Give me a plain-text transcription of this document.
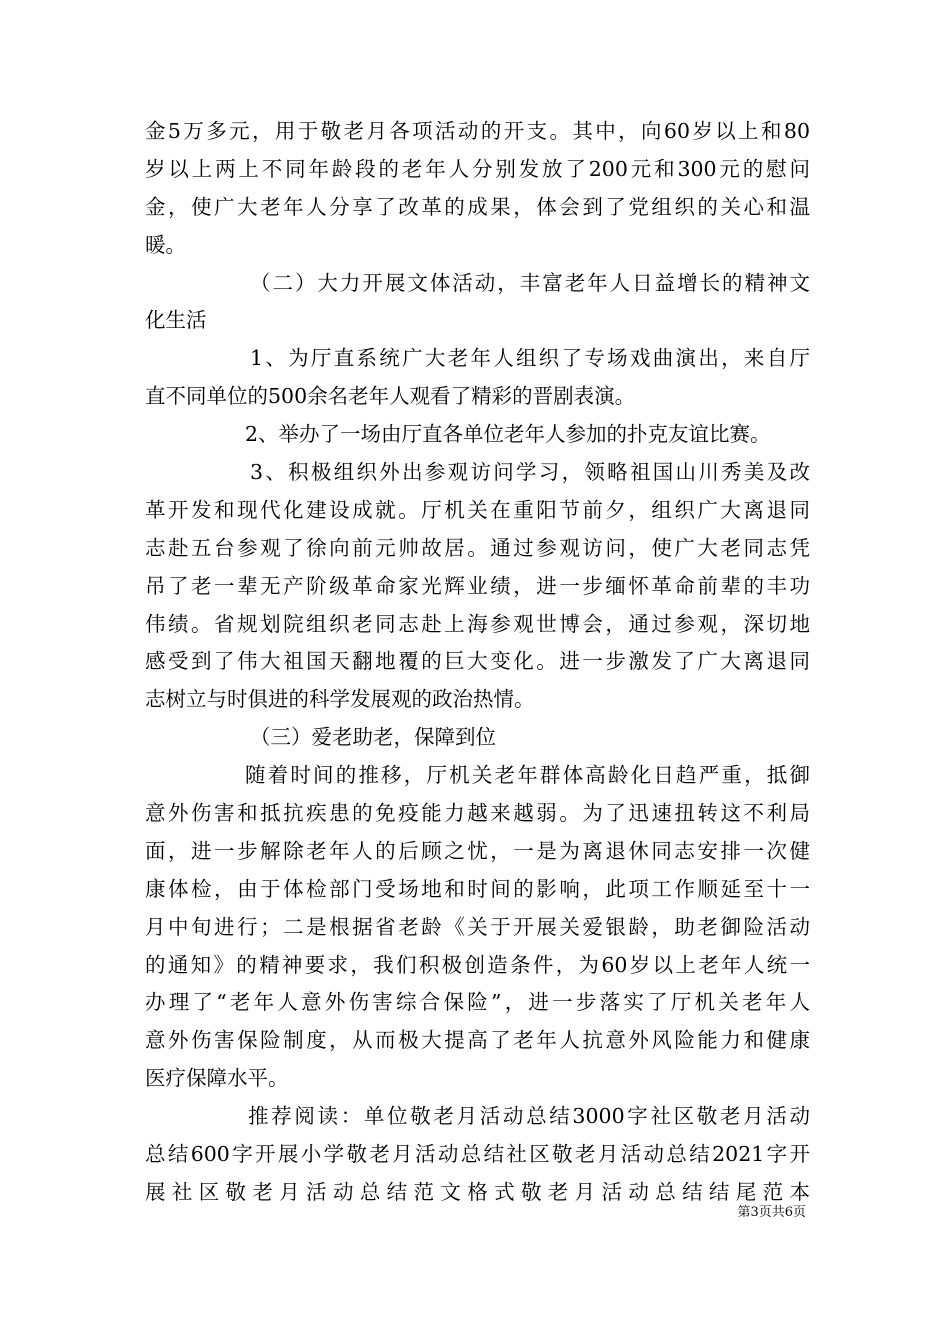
金5万多元，用于敬老月各项活动的开支。其中，向60岁以上和80
岁以上两上不同年龄段的老年人分别发放了200元和300元的慰问
金，使广大老年人分享了改革的成果，体会到了党组织的关心和温
暖。
（二）大力开展文体活动，丰富老年人日益增长的精神文
化生活
1、为厅直系统广大老年人组织了专场戏曲演出，来自厅
直不同单位的500余名老年人观看了精彩的晋剧表演。
2、举办了一场由厅直各单位老年人参加的扑克友谊比赛。
3、积极组织外出参观访问学习，领略祖国山川秀美及改
革开发和现代化建设成就。厅机关在重阳节前夕，组织广大离退同
志赴五台参观了徐向前元帅故居。通过参观访问，使广大老同志凭
吊了老一辈无产阶级革命家光辉业绩，进一步缅怀革命前辈的丰功
伟绩。省规划院组织老同志赴上海参观世博会，通过参观，深切地
感受到了伟大祖国天翻地覆的巨大变化。进一步激发了广大离退同
志树立与时俱进的科学发展观的政治热情。
（三）爱老助老，保障到位
随着时间的推移，厅机关老年群体高龄化日趋严重，抵御
意外伤害和抵抗疾患的免疫能力越来越弱。为了迅速扭转这不利局
面，进一步解除老年人的后顾之忧，一是为离退休同志安排一次健
康体检，由于体检部门受场地和时间的影响，此项工作顺延至十一
月中旬进行；二是根据省老龄《关于开展关爱银龄，助老御险活动
的通知》的精神要求，我们积极创造条件，为60岁以上老年人统一
办理了“老年人意外伤害综合保险”，进一步落实了厅机关老年人
意外伤害保险制度，从而极大提高了老年人抗意外风险能力和健康
医疗保障水平。
推荐阅读：单位敬老月活动总结3000字社区敬老月活动
总结600字开展小学敬老月活动总结社区敬老月活动总结2021字开
展社区敬老月活动总结范文格式敬老月活动总结结尾范本
第3页共6页
